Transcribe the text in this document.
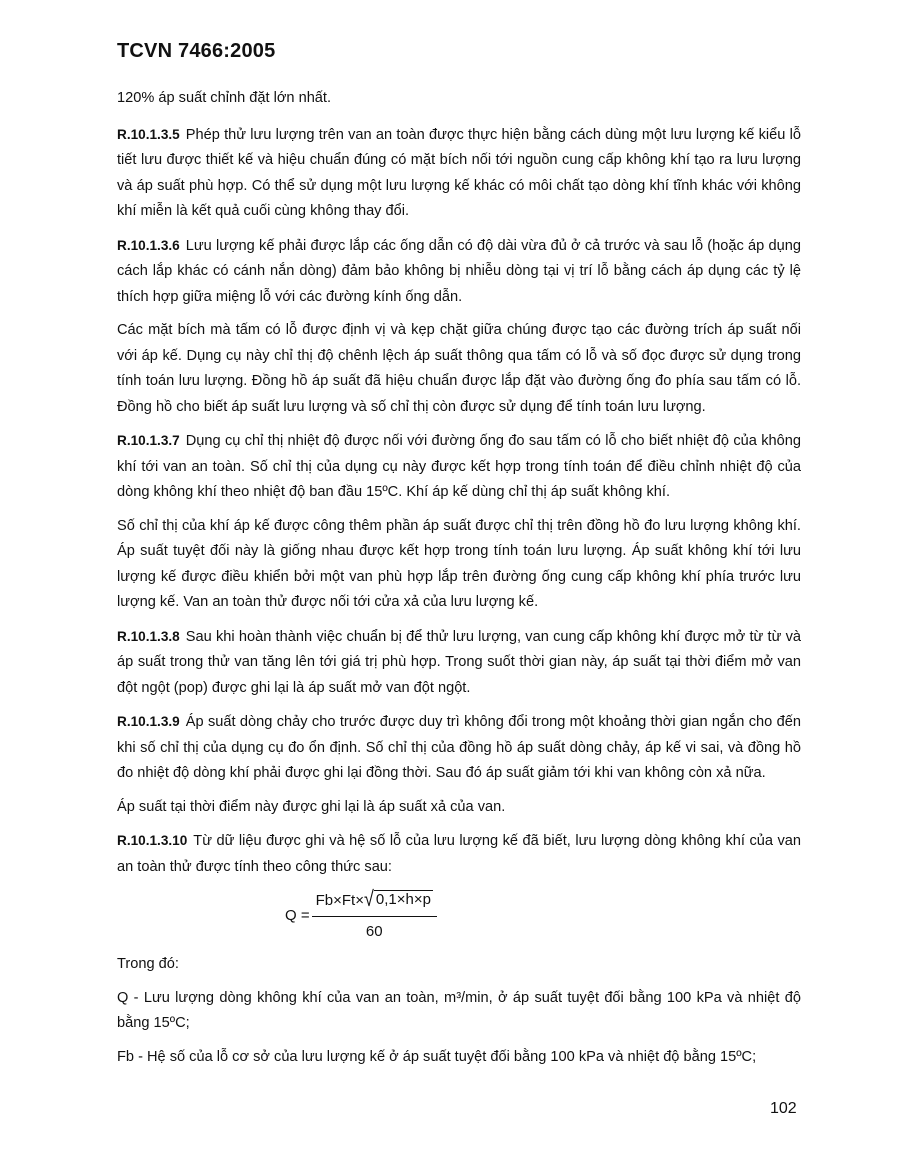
TCVN 7466:2005

120% áp suất chỉnh đặt lớn nhất.

R.10.1.3.5 Phép thử lưu lượng trên van an toàn được thực hiện bằng cách dùng một lưu lượng kế kiểu lỗ tiết lưu được thiết kế và hiệu chuẩn đúng có mặt bích nối tới nguồn cung cấp không khí tạo ra lưu lượng và áp suất phù hợp. Có thể sử dụng một lưu lượng kế khác có môi chất tạo dòng khí tĩnh khác với không khí miễn là kết quả cuối cùng không thay đổi.

R.10.1.3.6 Lưu lượng kế phải được lắp các ống dẫn có độ dài vừa đủ ở cả trước và sau lỗ (hoặc áp dụng cách lắp khác có cánh nắn dòng) đảm bảo không bị nhiễu dòng tại vị trí lỗ bằng cách áp dụng các tỷ lệ thích hợp giữa miệng lỗ với các đường kính ống dẫn.

Các mặt bích mà tấm có lỗ được định vị và kẹp chặt giữa chúng được tạo các đường trích áp suất nối với áp kế. Dụng cụ này chỉ thị độ chênh lệch áp suất thông qua tấm có lỗ và số đọc được sử dụng trong tính toán lưu lượng. Đồng hồ áp suất đã hiệu chuẩn được lắp đặt vào đường ống đo phía sau tấm có lỗ. Đồng hồ cho biết áp suất lưu lượng và số chỉ thị còn được sử dụng để tính toán lưu lượng.

R.10.1.3.7 Dụng cụ chỉ thị nhiệt độ được nối với đường ống đo sau tấm có lỗ cho biết nhiệt độ của không khí tới van an toàn. Số chỉ thị của dụng cụ này được kết hợp trong tính toán để điều chỉnh nhiệt độ của dòng không khí theo nhiệt độ ban đầu 15ºC. Khí áp kế dùng chỉ thị áp suất không khí.

Số chỉ thị của khí áp kế được công thêm phần áp suất được chỉ thị trên đồng hồ đo lưu lượng không khí. Áp suất tuyệt đối này là giống nhau được kết hợp trong tính toán lưu lượng. Áp suất không khí tới lưu lượng kế được điều khiển bởi một van phù hợp lắp trên đường ống cung cấp không khí phía trước lưu lượng kế. Van an toàn thử được nối tới cửa xả của lưu lượng kế.

R.10.1.3.8 Sau khi hoàn thành việc chuẩn bị để thử lưu lượng, van cung cấp không khí được mở từ từ và áp suất trong thử van tăng lên tới giá trị phù hợp. Trong suốt thời gian này, áp suất tại thời điểm mở van đột ngột (pop) được ghi lại là áp suất mở van đột ngột.

R.10.1.3.9 Áp suất dòng chảy cho trước được duy trì không đổi trong một khoảng thời gian ngắn cho đến khi số chỉ thị của dụng cụ đo ổn định. Số chỉ thị của đồng hồ áp suất dòng chảy, áp kế vi sai, và đồng hồ đo nhiệt độ dòng khí phải được ghi lại đồng thời. Sau đó áp suất giảm tới khi van không còn xả nữa.

Áp suất tại thời điểm này được ghi lại là áp suất xả của van.

R.10.1.3.10 Từ dữ liệu được ghi và hệ số lỗ của lưu lượng kế đã biết, lưu lượng dòng không khí của van an toàn thử được tính theo công thức sau:

$Q = \frac{Fb\times Ft\times √ 0,1\times h\times p}{60}$

Trong đó:

Q - Lưu lượng dòng không khí của van an toàn, m³/min, ở áp suất tuyệt đối bằng 100 kPa và nhiệt độ bằng 15ºC;

Fb - Hệ số của lỗ cơ sở của lưu lượng kế ở áp suất tuyệt đối bằng 100 kPa và nhiệt độ bằng 15ºC;

102
